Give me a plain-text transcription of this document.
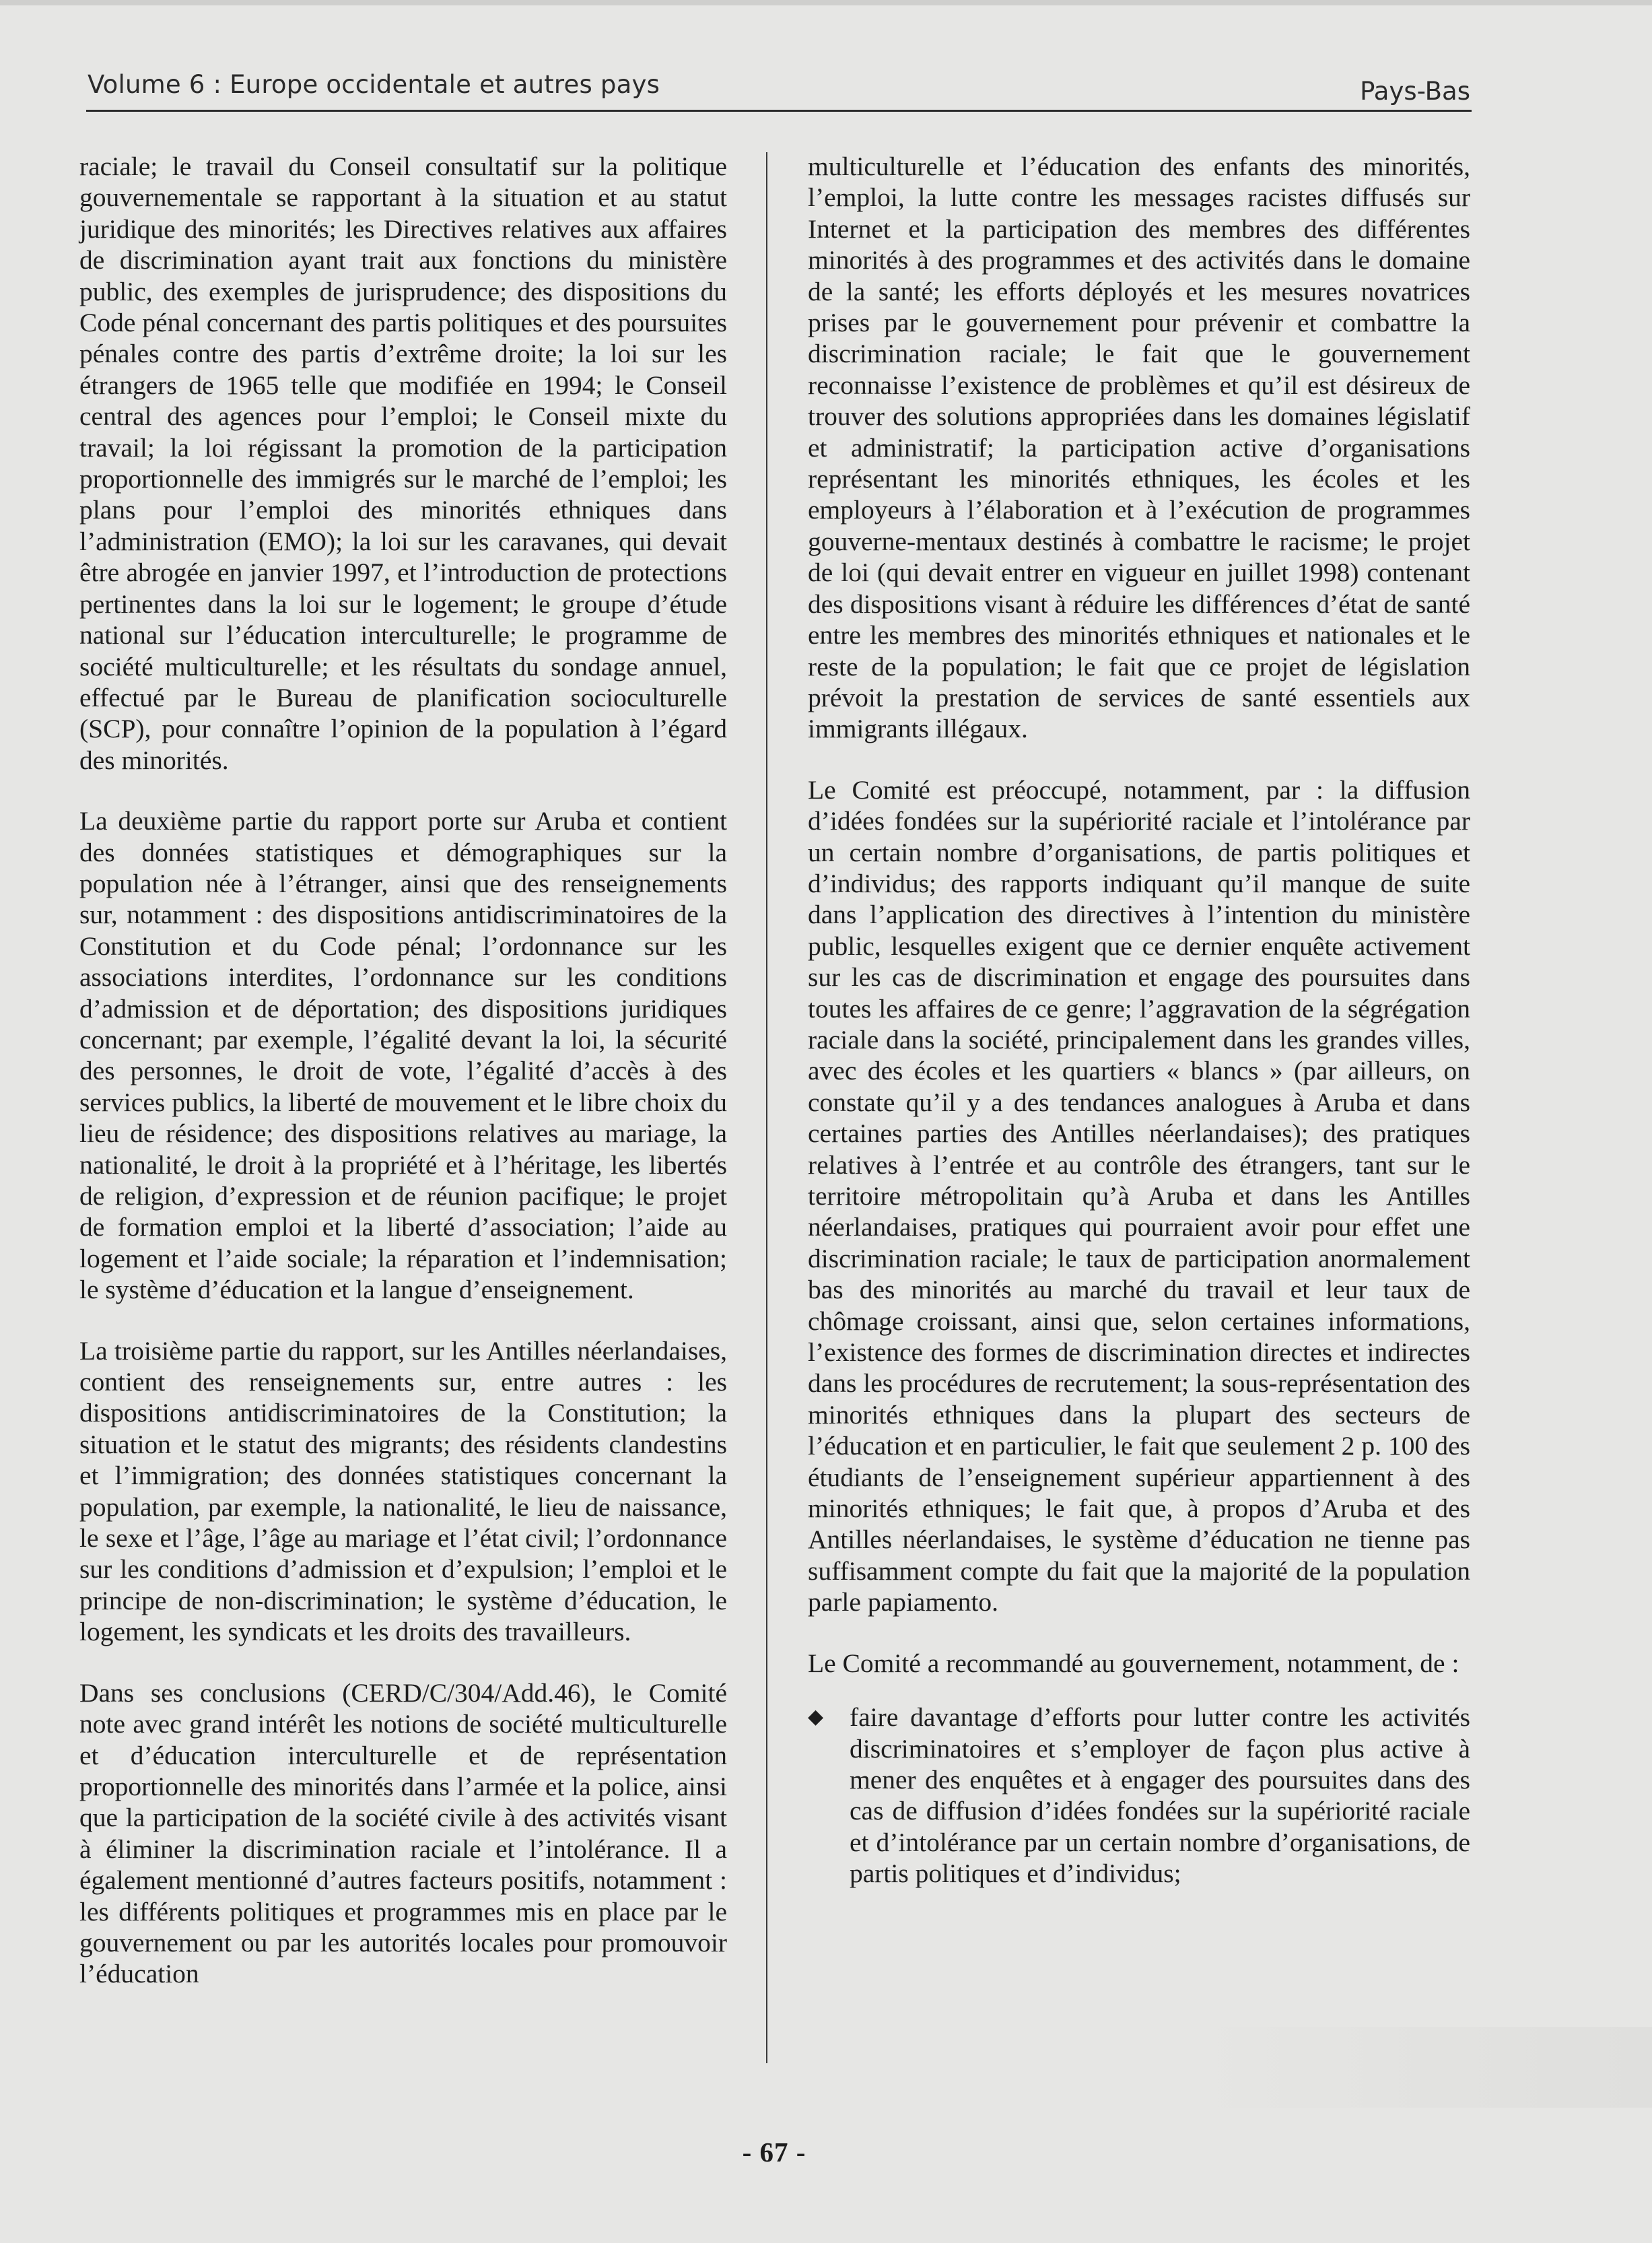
Volume 6 : Europe occidentale et autres pays	Pays-Bas

raciale; le travail du Conseil consultatif sur la politique gouvernementale se rapportant à la situation et au statut juridique des minorités; les Directives relatives aux affaires de discrimination ayant trait aux fonctions du ministère public, des exemples de jurisprudence; des dispositions du Code pénal concernant des partis politiques et des poursuites pénales contre des partis d’extrême droite; la loi sur les étrangers de 1965 telle que modifiée en 1994; le Conseil central des agences pour l’emploi; le Conseil mixte du travail; la loi régissant la promotion de la participation proportionnelle des immigrés sur le marché de l’emploi; les plans pour l’emploi des minorités ethniques dans l’administration (EMO); la loi sur les caravanes, qui devait être abrogée en janvier 1997, et l’introduction de protections pertinentes dans la loi sur le logement; le groupe d’étude national sur l’éducation interculturelle; le programme de société multiculturelle; et les résultats du sondage annuel, effectué par le Bureau de planification socioculturelle (SCP), pour connaître l’opinion de la population à l’égard des minorités.

La deuxième partie du rapport porte sur Aruba et contient des données statistiques et démographiques sur la population née à l’étranger, ainsi que des renseignements sur, notamment : des dispositions antidiscriminatoires de la Constitution et du Code pénal; l’ordonnance sur les associations interdites, l’ordonnance sur les conditions d’admission et de déportation; des dispositions juridiques concernant; par exemple, l’égalité devant la loi, la sécurité des personnes, le droit de vote, l’égalité d’accès à des services publics, la liberté de mouvement et le libre choix du lieu de résidence; des dispositions relatives au mariage, la nationalité, le droit à la propriété et à l’héritage, les libertés de religion, d’expression et de réunion pacifique; le projet de formation emploi et la liberté d’association; l’aide au logement et l’aide sociale; la réparation et l’indemnisation; le système d’éducation et la langue d’enseignement.

La troisième partie du rapport, sur les Antilles néerlandaises, contient des renseignements sur, entre autres : les dispositions antidiscriminatoires de la Constitution; la situation et le statut des migrants; des résidents clandestins et l’immigration; des données statistiques concernant la population, par exemple, la nationalité, le lieu de naissance, le sexe et l’âge, l’âge au mariage et l’état civil; l’ordonnance sur les conditions d’admission et d’expulsion; l’emploi et le principe de non-discrimination; le système d’éducation, le logement, les syndicats et les droits des travailleurs.

Dans ses conclusions (CERD/C/304/Add.46), le Comité note avec grand intérêt les notions de société multiculturelle et d’éducation interculturelle et de représentation proportionnelle des minorités dans l’armée et la police, ainsi que la participation de la société civile à des activités visant à éliminer la discrimination raciale et l’intolérance. Il a également mentionné d’autres facteurs positifs, notamment : les différents politiques et programmes mis en place par le gouvernement ou par les autorités locales pour promouvoir l’éducation

multiculturelle et l’éducation des enfants des minorités, l’emploi, la lutte contre les messages racistes diffusés sur Internet et la participation des membres des différentes minorités à des programmes et des activités dans le domaine de la santé; les efforts déployés et les mesures novatrices prises par le gouvernement pour prévenir et combattre la discrimination raciale; le fait que le gouvernement reconnaisse l’existence de problèmes et qu’il est désireux de trouver des solutions appropriées dans les domaines législatif et administratif; la participation active d’organisations représentant les minorités ethniques, les écoles et les employeurs à l’élaboration et à l’exécution de programmes gouverne-mentaux destinés à combattre le racisme; le projet de loi (qui devait entrer en vigueur en juillet 1998) contenant des dispositions visant à réduire les différences d’état de santé entre les membres des minorités ethniques et nationales et le reste de la population; le fait que ce projet de législation prévoit la prestation de services de santé essentiels aux immigrants illégaux.

Le Comité est préoccupé, notamment, par : la diffusion d’idées fondées sur la supériorité raciale et l’intolérance par un certain nombre d’organisations, de partis politiques et d’individus; des rapports indiquant qu’il manque de suite dans l’application des directives à l’intention du ministère public, lesquelles exigent que ce dernier enquête activement sur les cas de discrimination et engage des poursuites dans toutes les affaires de ce genre; l’aggravation de la ségrégation raciale dans la société, principalement dans les grandes villes, avec des écoles et les quartiers « blancs » (par ailleurs, on constate qu’il y a des tendances analogues à Aruba et dans certaines parties des Antilles néerlandaises); des pratiques relatives à l’entrée et au contrôle des étrangers, tant sur le territoire métropolitain qu’à Aruba et dans les Antilles néerlandaises, pratiques qui pourraient avoir pour effet une discrimination raciale; le taux de participation anormalement bas des minorités au marché du travail et leur taux de chômage croissant, ainsi que, selon certaines informations, l’existence des formes de discrimination directes et indirectes dans les procédures de recrutement; la sous-représentation des minorités ethniques dans la plupart des secteurs de l’éducation et en particulier, le fait que seulement 2 p. 100 des étudiants de l’enseignement supérieur appartiennent à des minorités ethniques; le fait que, à propos d’Aruba et des Antilles néerlandaises, le système d’éducation ne tienne pas suffisamment compte du fait que la majorité de la population parle papiamento.

Le Comité a recommandé au gouvernement, notamment, de :

◆ faire davantage d’efforts pour lutter contre les activités discriminatoires et s’employer de façon plus active à mener des enquêtes et à engager des poursuites dans des cas de diffusion d’idées fondées sur la supériorité raciale et d’intolérance par un certain nombre d’organisations, de partis politiques et d’individus;
- 67 -
